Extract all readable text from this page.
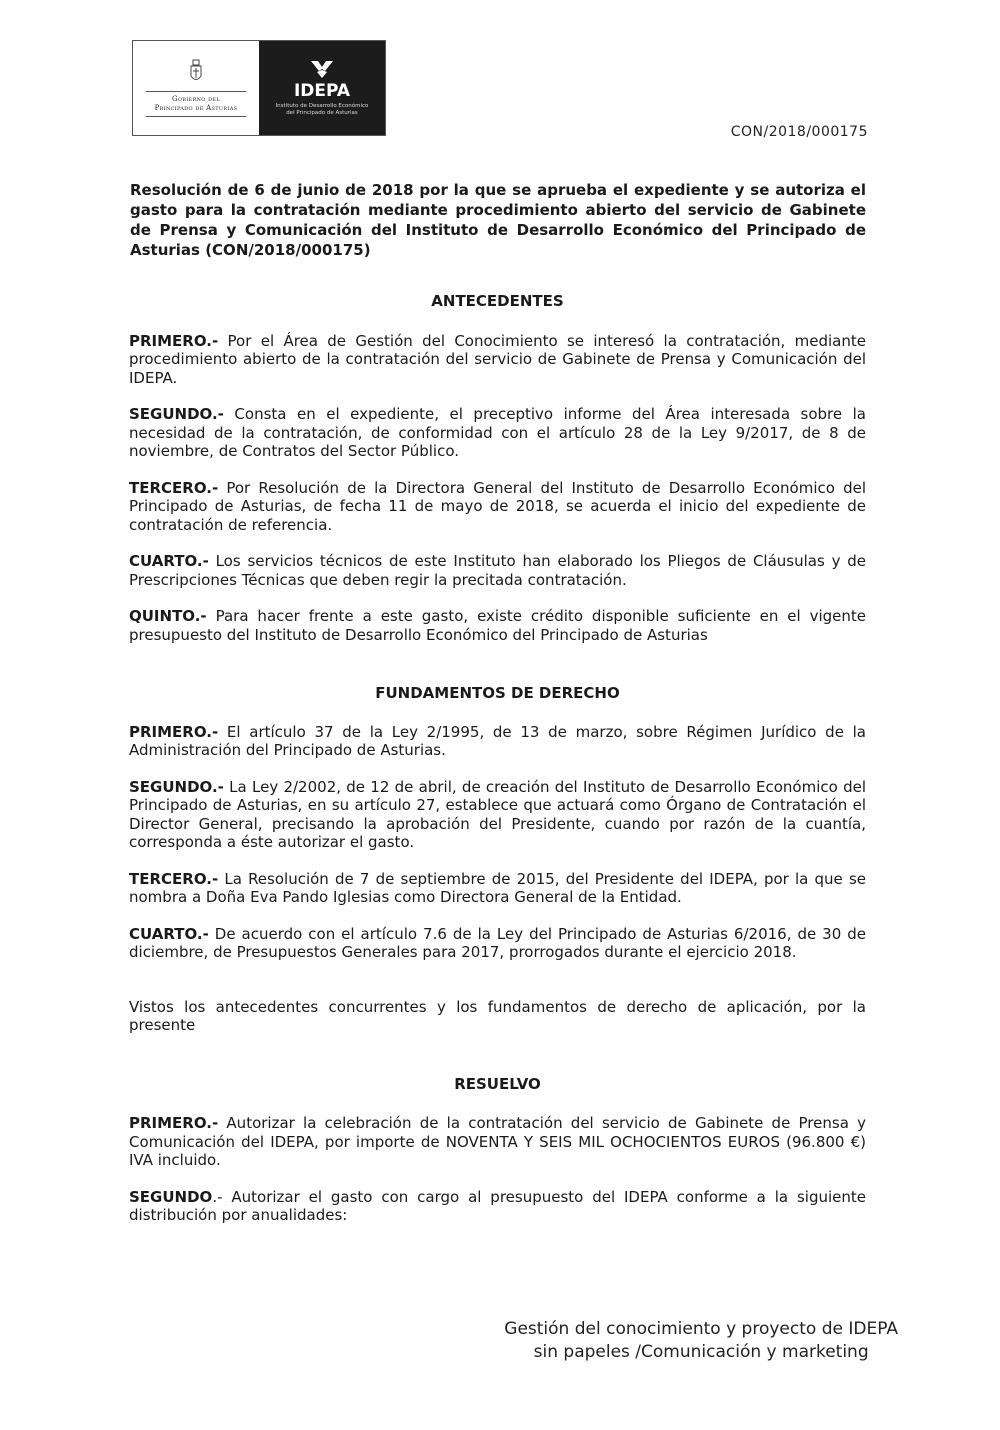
Gobierno del
Principado de Asturias
IDEPA
Instituto de Desarrollo Económico
del Principado de Asturias
CON/2018/000175
Resolución de 6 de junio de 2018 por la que se aprueba el expediente y se autoriza el gasto para la contratación mediante procedimiento abierto del servicio de Gabinete de Prensa y Comunicación del Instituto de Desarrollo Económico del Principado de Asturias (CON/2018/000175)
ANTECEDENTES

PRIMERO.- Por el Área de Gestión del Conocimiento se interesó la contratación, mediante procedimiento abierto de la contratación del servicio de Gabinete de Prensa y Comunicación del IDEPA.

SEGUNDO.- Consta en el expediente, el preceptivo informe del Área interesada sobre la necesidad de la contratación, de conformidad con el artículo 28 de la Ley 9/2017, de 8 de noviembre, de Contratos del Sector Público.

TERCERO.- Por Resolución de la Directora General del Instituto de Desarrollo Económico del Principado de Asturias, de fecha 11 de mayo de 2018, se acuerda el inicio del expediente de contratación de referencia.

CUARTO.- Los servicios técnicos de este Instituto han elaborado los Pliegos de Cláusulas y de Prescripciones Técnicas que deben regir la precitada contratación.

QUINTO.- Para hacer frente a este gasto, existe crédito disponible suficiente en el vigente presupuesto del Instituto de Desarrollo Económico del Principado de Asturias

FUNDAMENTOS DE DERECHO

PRIMERO.- El artículo 37 de la Ley 2/1995, de 13 de marzo, sobre Régimen Jurídico de la Administración del Principado de Asturias.

SEGUNDO.- La Ley 2/2002, de 12 de abril, de creación del Instituto de Desarrollo Económico del Principado de Asturias, en su artículo 27, establece que actuará como Órgano de Contratación el Director General, precisando la aprobación del Presidente, cuando por razón de la cuantía, corresponda a éste autorizar el gasto.

TERCERO.- La Resolución de 7 de septiembre de 2015, del Presidente del IDEPA, por la que se nombra a Doña Eva Pando Iglesias como Directora General de la Entidad.

CUARTO.- De acuerdo con el artículo 7.6 de la Ley del Principado de Asturias 6/2016, de 30 de diciembre, de Presupuestos Generales para 2017, prorrogados durante el ejercicio 2018.

Vistos los antecedentes concurrentes y los fundamentos de derecho de aplicación, por la presente

RESUELVO

PRIMERO.- Autorizar la celebración de la contratación del servicio de Gabinete de Prensa y Comunicación del IDEPA, por importe de NOVENTA Y SEIS MIL OCHOCIENTOS EUROS (96.800 €) IVA incluido.

SEGUNDO.- Autorizar el gasto con cargo al presupuesto del IDEPA conforme a la siguiente distribución por anualidades:

Gestión del conocimiento y proyecto de IDEPA
sin papeles /Comunicación y marketing
